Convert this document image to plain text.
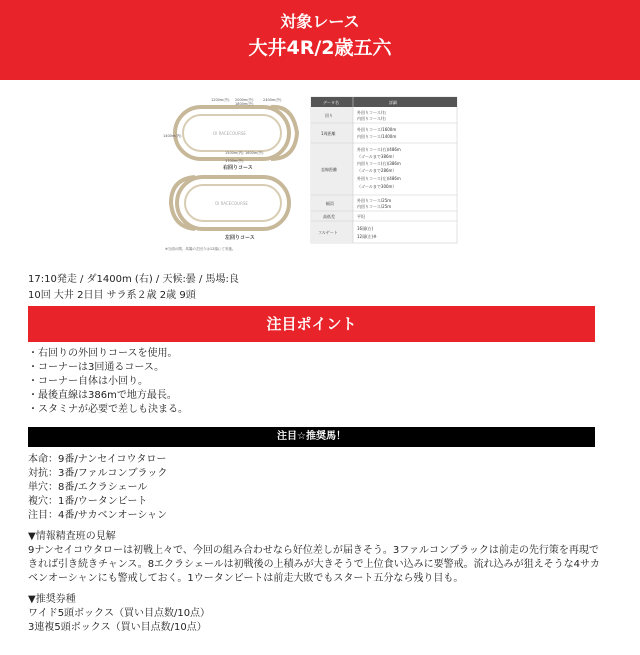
対象レース
大井4R/2歳五六
OI RACECOURSE
右回りコース
1200m(外) 2000m(外)
1800m(外)
2400m(外)
1400m(内)
1500m(内) 1600m(外)
1700m(外)
OI RACECOURSE
左回りコース
※当面の間、馬場の左回りは12頭にて実施。
データ名	詳細
回り
外回りコース/右
内回りコース/右
1周距離
外回りコース/1600m
内回りコース/1400m
直線距離
外回りコース(右)/486m
（ゴールまで386m）
内回りコース(右)/386m
（ゴールまで286m）
外回りコース(左)/486m
（ゴールまで300m）
幅員
外回りコース/25m
内回りコース/25m
高低差	平坦
フルゲート
16頭(右)
12頭(左)※
17:10発走 / ダ1400m (右) / 天候:曇 / 馬場:良
10回 大井 2日目 サラ系２歳 2歳 9頭
注目ポイント
・右回りの外回りコースを使用。
・コーナーは3回通るコース。
・コーナー自体は小回り。
・最後直線は386mで地方最長。
・スタミナが必要で差しも決まる。
注目☆推奨馬！
本命：9番/ナンセイコウタロー
対抗：3番/ファルコンブラック
単穴：8番/エクラシェール
複穴：1番/ウータンビート
注目：4番/サカベンオーシャン

▼情報精査班の見解

9ナンセイコウタローは初戦上々で、今回の組み合わせなら好位差しが届きそう。3ファルコンブラックは前走の先行策を再現できれば引き続きチャンス。8エクラシェールは初戦後の上積みが大きそうで上位食い込みに要警戒。流れ込みが狙えそうな4サカベンオーシャンにも警戒しておく。1ウータンビートは前走大敗でもスタート五分なら残り目も。

▼推奨券種
ワイド5頭ボックス（買い目点数/10点）
3連複5頭ボックス（買い目点数/10点）
